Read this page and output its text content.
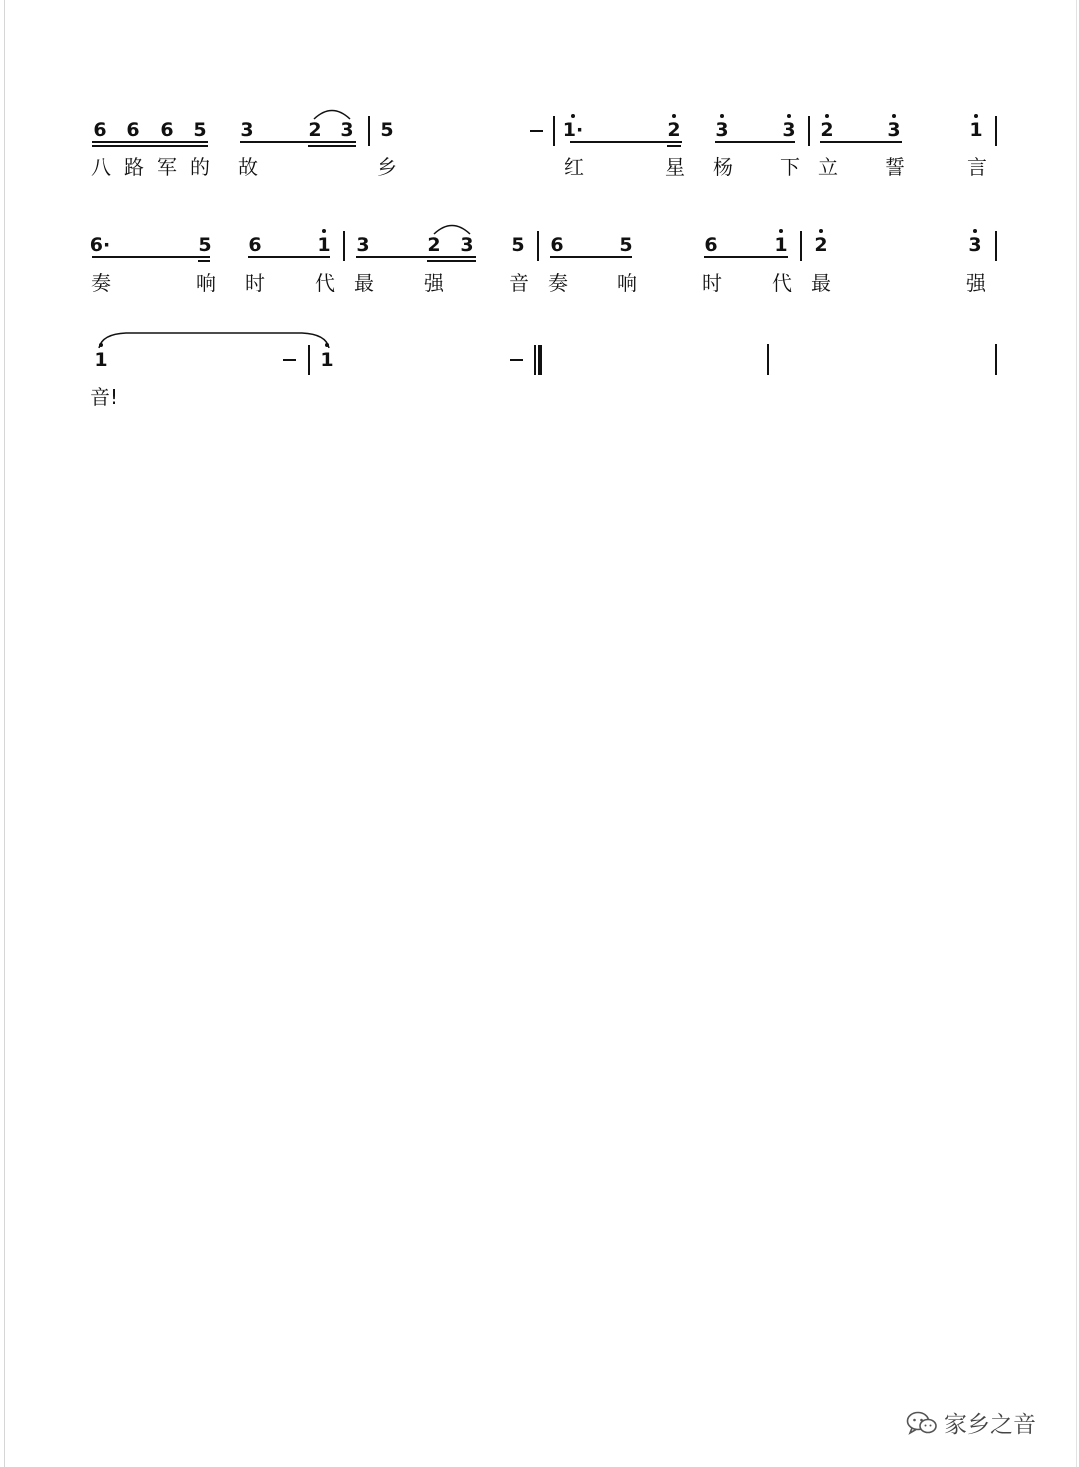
6 6 6 5 3	2 3 5	1·	2 3	3 2	3	1
八 路 军 的 故	乡	红	星 杨 下 立 誓	言
6·	5 6	1 3	2 3 5 6	5	6	1 2	3
奏	响 时	代 最	强	音 奏 响	时	代 最	强
1	1
音!
家乡之音
